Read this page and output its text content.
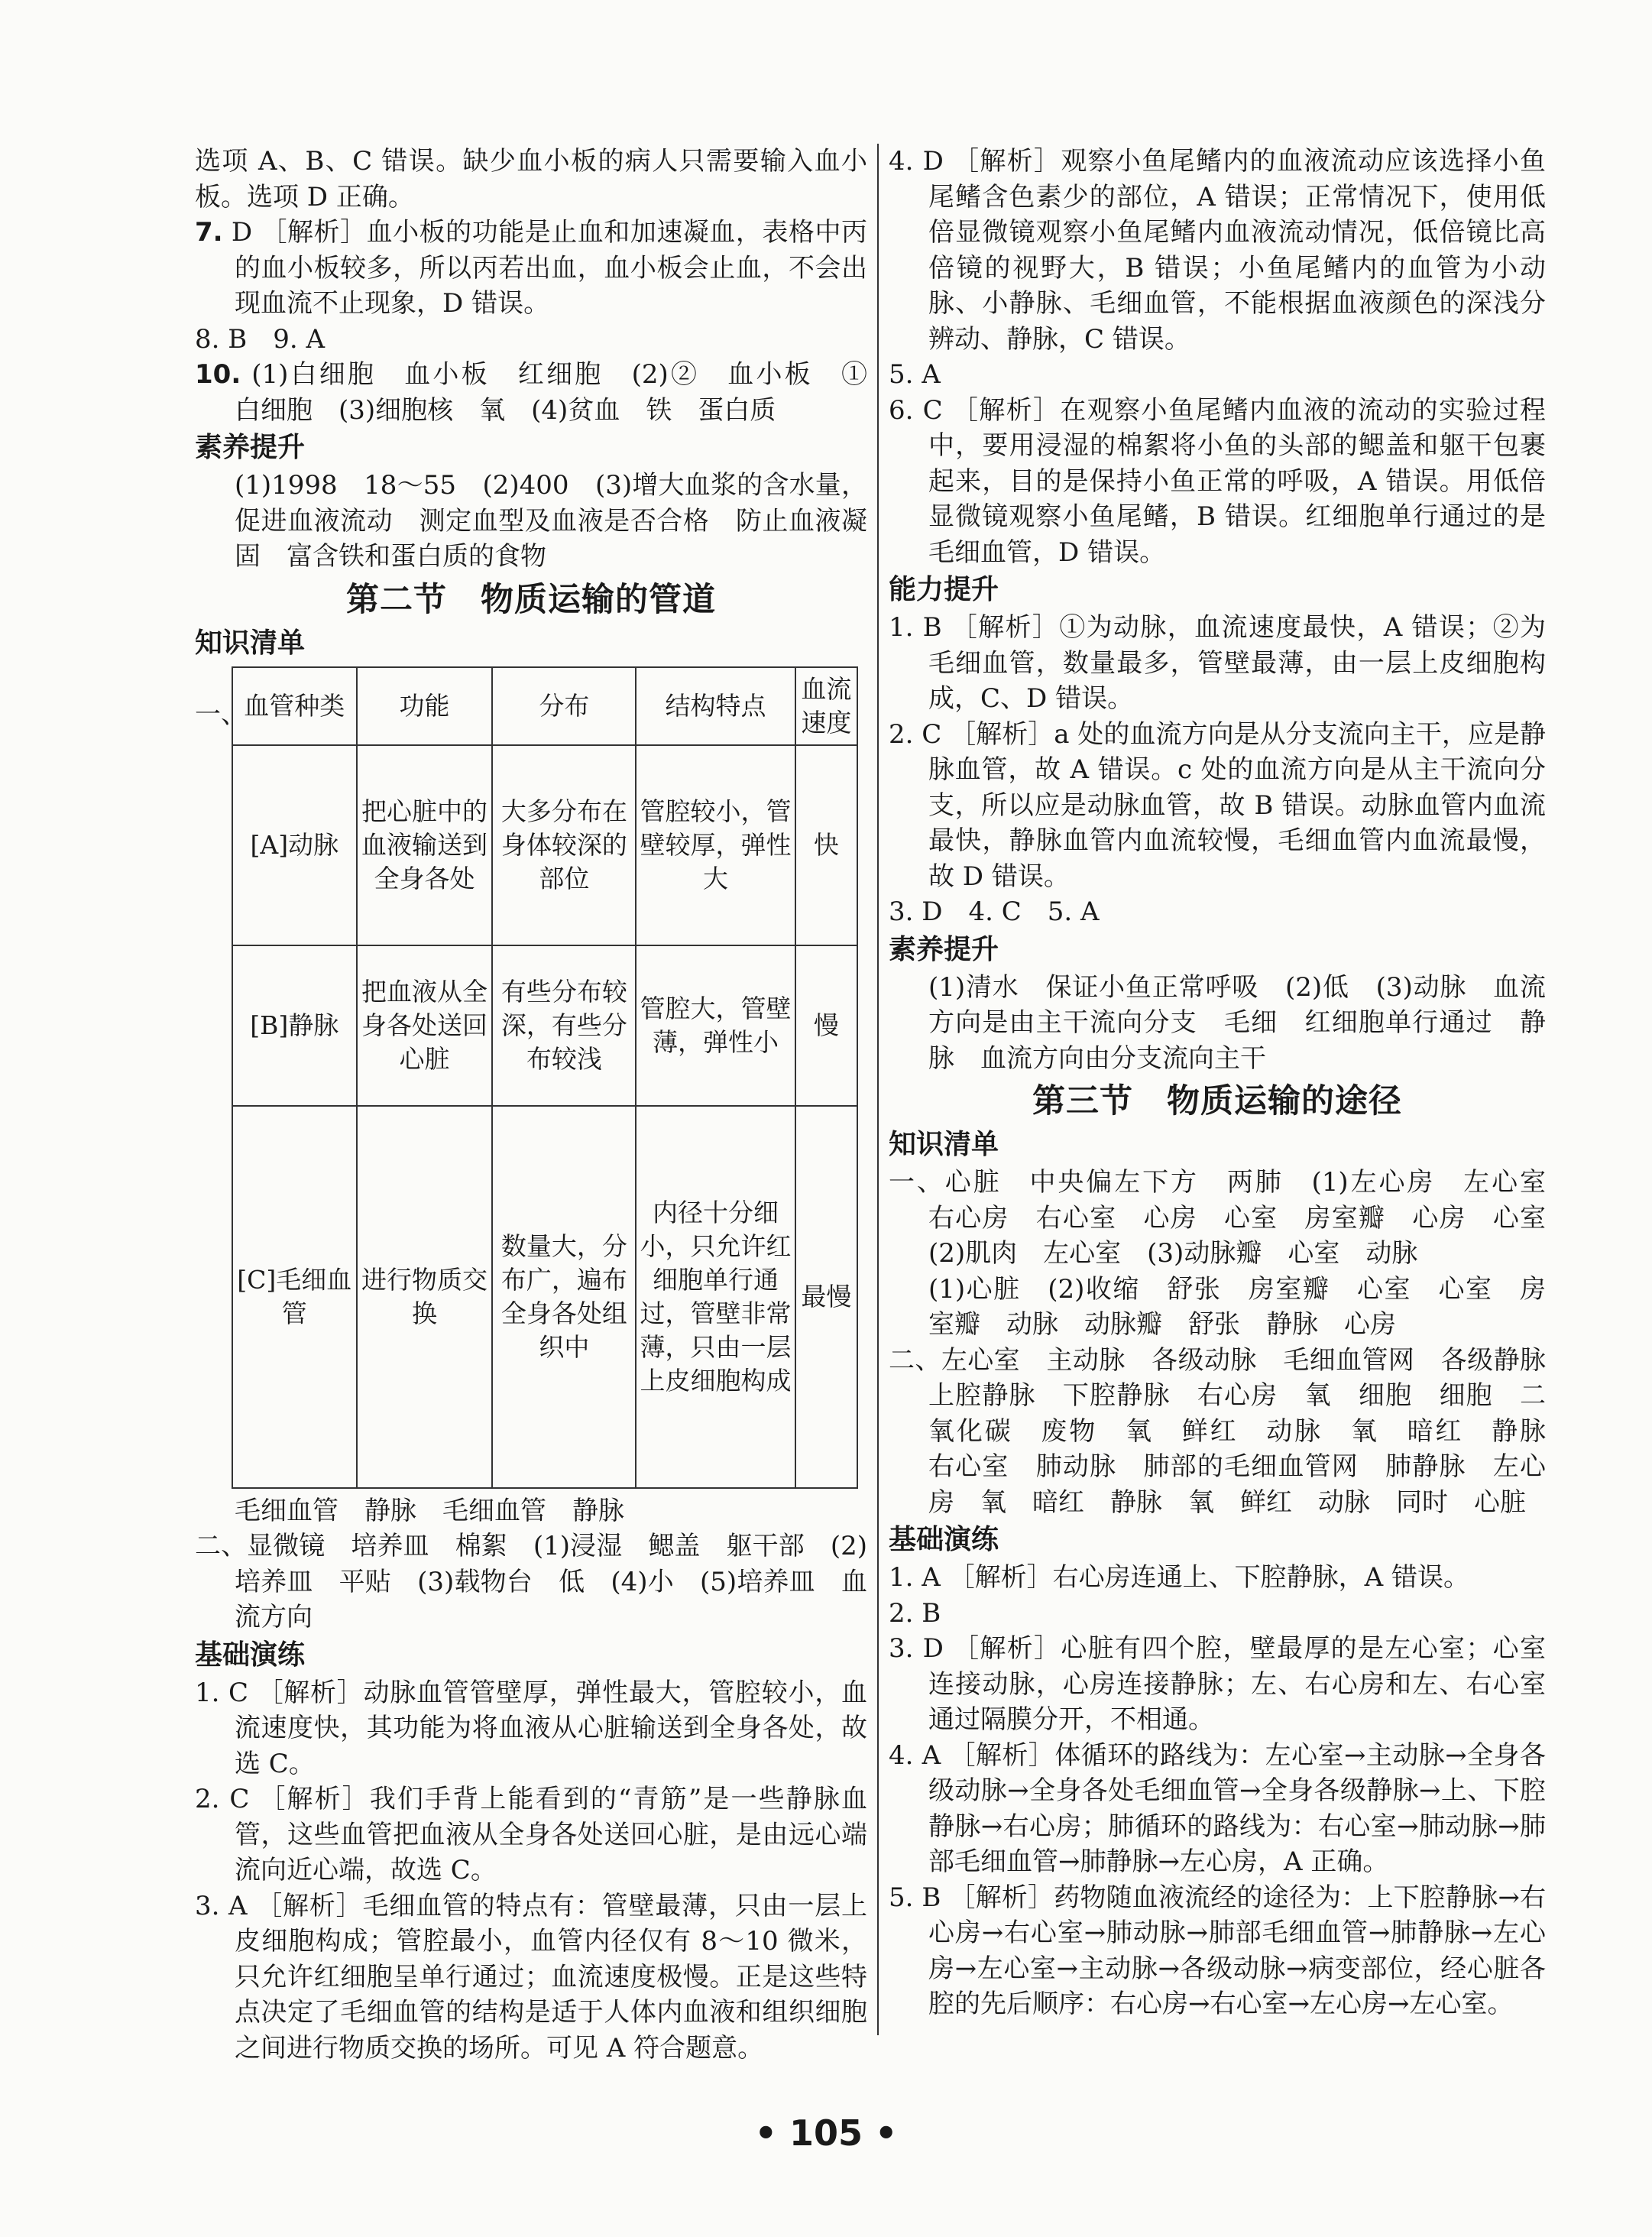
选项 A、B、C 错误。缺少血小板的病人只需要输入血小板。选项 D 正确。

7. D ［解析］血小板的功能是止血和加速凝血，表格中丙的血小板较多，所以丙若出血，血小板会止血，不会出现血流不止现象，D 错误。

8. B　9. A

10. (1)白细胞　血小板　红细胞　(2)②　血小板　①　白细胞　(3)细胞核　氧　(4)贫血　铁　蛋白质

素养提升

(1)1998　18～55　(2)400　(3)增大血浆的含水量，促进血液流动　测定血型及血液是否合格　防止血液凝固　富含铁和蛋白质的食物

第二节　物质运输的管道
知识清单
一、
血管种类	功能	分布	结构特点	血流速度
[A]动脉	把心脏中的血液输送到全身各处	大多分布在身体较深的部位	管腔较小，管壁较厚，弹性大	快
[B]静脉	把血液从全身各处送回心脏	有些分布较深，有些分布较浅	管腔大，管壁薄，弹性小	慢
[C]毛细血管	进行物质交换	数量大，分布广，遍布全身各处组织中	内径十分细小，只允许红细胞单行通过，管壁非常薄，只由一层上皮细胞构成	最慢

毛细血管　静脉　毛细血管　静脉

二、显微镜　培养皿　棉絮　(1)浸湿　鳃盖　躯干部　(2)培养皿　平贴　(3)载物台　低　(4)小　(5)培养皿　血流方向

基础演练

1. C ［解析］动脉血管管壁厚，弹性最大，管腔较小，血流速度快，其功能为将血液从心脏输送到全身各处，故选 C。

2. C ［解析］我们手背上能看到的“青筋”是一些静脉血管，这些血管把血液从全身各处送回心脏，是由远心端流向近心端，故选 C。

3. A ［解析］毛细血管的特点有：管壁最薄，只由一层上皮细胞构成；管腔最小，血管内径仅有 8～10 微米，只允许红细胞呈单行通过；血流速度极慢。正是这些特点决定了毛细血管的结构是适于人体内血液和组织细胞之间进行物质交换的场所。可见 A 符合题意。

4. D ［解析］观察小鱼尾鳍内的血液流动应该选择小鱼尾鳍含色素少的部位，A 错误；正常情况下，使用低倍显微镜观察小鱼尾鳍内血液流动情况，低倍镜比高倍镜的视野大，B 错误；小鱼尾鳍内的血管为小动脉、小静脉、毛细血管，不能根据血液颜色的深浅分辨动、静脉，C 错误。

5. A

6. C ［解析］在观察小鱼尾鳍内血液的流动的实验过程中，要用浸湿的棉絮将小鱼的头部的鳃盖和躯干包裹起来，目的是保持小鱼正常的呼吸，A 错误。用低倍显微镜观察小鱼尾鳍，B 错误。红细胞单行通过的是毛细血管，D 错误。

能力提升

1. B ［解析］①为动脉，血流速度最快，A 错误；②为毛细血管，数量最多，管壁最薄，由一层上皮细胞构成，C、D 错误。

2. C ［解析］a 处的血流方向是从分支流向主干，应是静脉血管，故 A 错误。c 处的血流方向是从主干流向分支，所以应是动脉血管，故 B 错误。动脉血管内血流最快，静脉血管内血流较慢，毛细血管内血流最慢，故 D 错误。

3. D　4. C　5. A

素养提升

(1)清水　保证小鱼正常呼吸　(2)低　(3)动脉　血流方向是由主干流向分支　毛细　红细胞单行通过　静脉　血流方向由分支流向主干

第三节　物质运输的途径
知识清单

一、心脏　中央偏左下方　两肺　(1)左心房　左心室　右心房　右心室　心房　心室　房室瓣　心房　心室　(2)肌肉　左心室　(3)动脉瓣　心室　动脉

(1)心脏　(2)收缩　舒张　房室瓣　心室　心室　房室瓣　动脉　动脉瓣　舒张　静脉　心房

二、左心室　主动脉　各级动脉　毛细血管网　各级静脉　上腔静脉　下腔静脉　右心房　氧　细胞　细胞　二氧化碳　废物　氧　鲜红　动脉　氧　暗红　静脉　右心室　肺动脉　肺部的毛细血管网　肺静脉　左心房　氧　暗红　静脉　氧　鲜红　动脉　同时　心脏

基础演练

1. A ［解析］右心房连通上、下腔静脉，A 错误。

2. B

3. D ［解析］心脏有四个腔，壁最厚的是左心室；心室连接动脉，心房连接静脉；左、右心房和左、右心室通过隔膜分开，不相通。

4. A ［解析］体循环的路线为：左心室→主动脉→全身各级动脉→全身各处毛细血管→全身各级静脉→上、下腔静脉→右心房；肺循环的路线为：右心室→肺动脉→肺部毛细血管→肺静脉→左心房，A 正确。

5. B ［解析］药物随血液流经的途径为：上下腔静脉→右心房→右心室→肺动脉→肺部毛细血管→肺静脉→左心房→左心室→主动脉→各级动脉→病变部位，经心脏各腔的先后顺序：右心房→右心室→左心房→左心室。

• 105 •
